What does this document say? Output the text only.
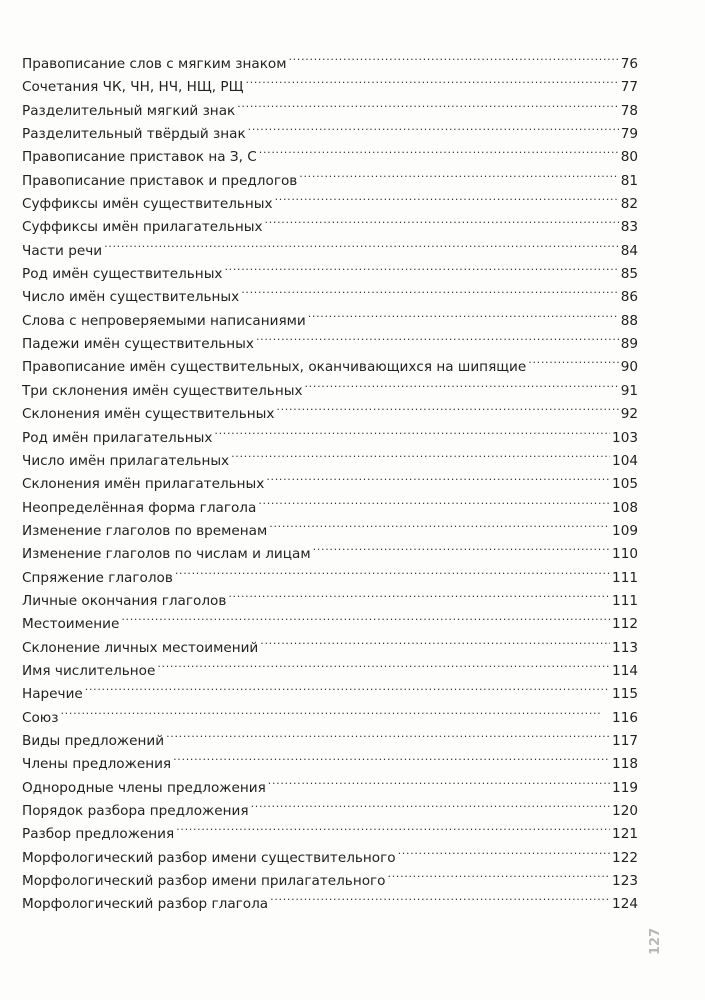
Правописание слов с мягким знаком . . .	76
Сочетания ЧК, ЧН, НЧ, НЩ, РЩ . . .	77
Разделительный мягкий знак . . .	78
Разделительный твёрдый знак . . .	79
Правописание приставок на З, С . . .	80
Правописание приставок и предлогов . . .	81
Суффиксы имён существительных . . .	82
Суффиксы имён прилагательных . . .	83
Части речи . . .	84
Род имён существительных . . .	85
Число имён существительных . . .	86
Слова с непроверяемыми написаниями . . .	88
Падежи имён существительных . . .	89
Правописание имён существительных, оканчивающихся на шипящие . . .	90
Три склонения имён существительных . . .	91
Склонения имён существительных . . .	92
Род имён прилагательных . . .	103
Число имён прилагательных . . .	104
Склонения имён прилагательных . . .	105
Неопределённая форма глагола . . .	108
Изменение глаголов по временам . . .	109
Изменение глаголов по числам и лицам . . .	110
Спряжение глаголов . . .	111
Личные окончания глаголов . . .	111
Местоимение . . .	112
Склонение личных местоимений . . .	113
Имя числительное . . .	114
Наречие . . .	115
Союз . . .	116
Виды предложений . . .	117
Члены предложения . . .	118
Однородные члены предложения . . .	119
Порядок разбора предложения . . .	120
Разбор предложения . . .	121
Морфологический разбор имени существительного . . .	122
Морфологический разбор имени прилагательного . . .	123
Морфологический разбор глагола . . .	124
127
